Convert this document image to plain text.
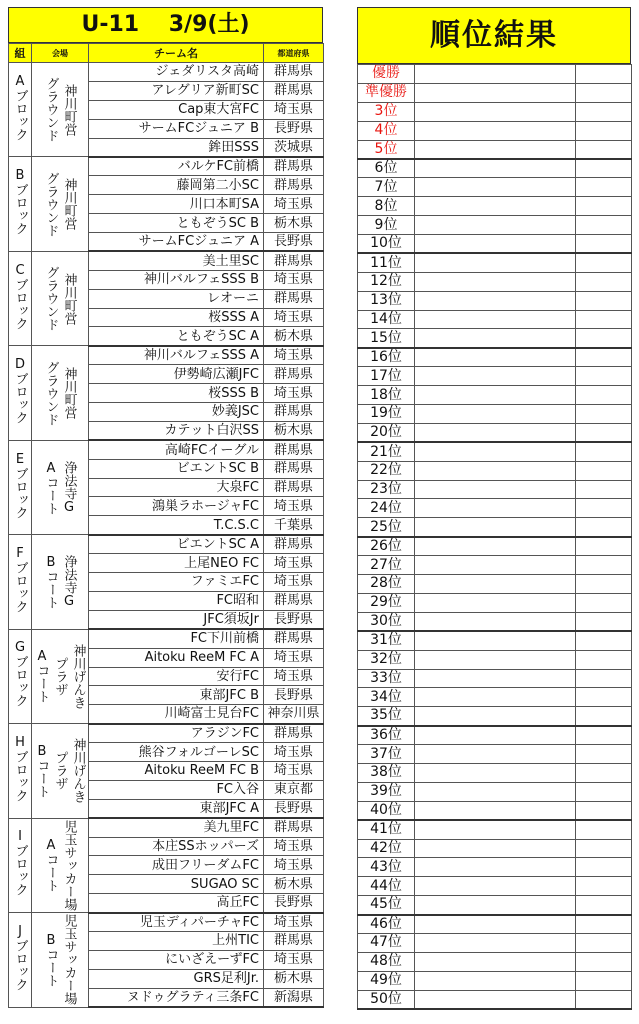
U-11　 3/9(土)
組	会場	チーム名	都道府県
Aブロック	グラウンド 神川町営	ジェダリスタ高崎	群馬県
		アレグリア新町SC	群馬県
		Cap東大宮FC	埼玉県
		サームFCジュニア B	長野県
		鉾田SSS	茨城県
Bブロック	グラウンド 神川町営	バルケFC前橋	群馬県
		藤岡第二小SC	群馬県
		川口本町SA	埼玉県
		ともぞうSC B	栃木県
		サームFCジュニア A	長野県
Cブロック	グラウンド 神川町営	美土里SC	群馬県
		神川バルフェSSS B	埼玉県
		レオーニ	群馬県
		桜SSS A	埼玉県
		ともぞうSC A	栃木県
Dブロック	グラウンド 神川町営	神川バルフェSSS A	埼玉県
		伊勢崎広瀬JFC	群馬県
		桜SSS B	埼玉県
		妙義JSC	群馬県
		カテット白沢SS	栃木県
Eブロック	Aコート 浄法寺G	高崎FCイーグル	群馬県
		ビエントSC B	群馬県
		大泉FC	群馬県
		鴻巣ラホージャFC	埼玉県
		T.C.S.C	千葉県
Fブロック	Bコート 浄法寺G	ビエントSC A	群馬県
		上尾NEO FC	埼玉県
		ファミエFC	埼玉県
		FC昭和	群馬県
		JFC須坂Jr	長野県
Gブロック	Aコート プラザ 神川げんき	FC下川前橋	群馬県
		Aitoku ReeM FC A	埼玉県
		安行FC	埼玉県
		東部JFC B	長野県
		川崎富士見台FC	神奈川県
Hブロック	Bコート プラザ 神川げんき	アラジンFC	群馬県
		熊谷フォルゴーレSC	埼玉県
		Aitoku ReeM FC B	埼玉県
		FC入谷	東京都
		東部JFC A	長野県
Iブロック	Aコート 児玉サッカー場	美九里FC	群馬県
		本庄SSホッパーズ	埼玉県
		成田フリーダムFC	埼玉県
		SUGAO SC	栃木県
		高丘FC	長野県
Jブロック	Bコート 児玉サッカー場	児玉ディパーチャFC	埼玉県
		上州TIC	群馬県
		にいざえーずFC	埼玉県
		GRS足利Jr.	栃木県
		ヌドゥグラティ三条FC	新潟県
順位結果
優勝		
準優勝		
3位		
4位		
5位		
6位		
7位		
8位		
9位		
10位		
11位		
12位		
13位		
14位		
15位		
16位		
17位		
18位		
19位		
20位		
21位		
22位		
23位		
24位		
25位		
26位		
27位		
28位		
29位		
30位		
31位		
32位		
33位		
34位		
35位		
36位		
37位		
38位		
39位		
40位		
41位		
42位		
43位		
44位		
45位		
46位		
47位		
48位		
49位		
50位		
